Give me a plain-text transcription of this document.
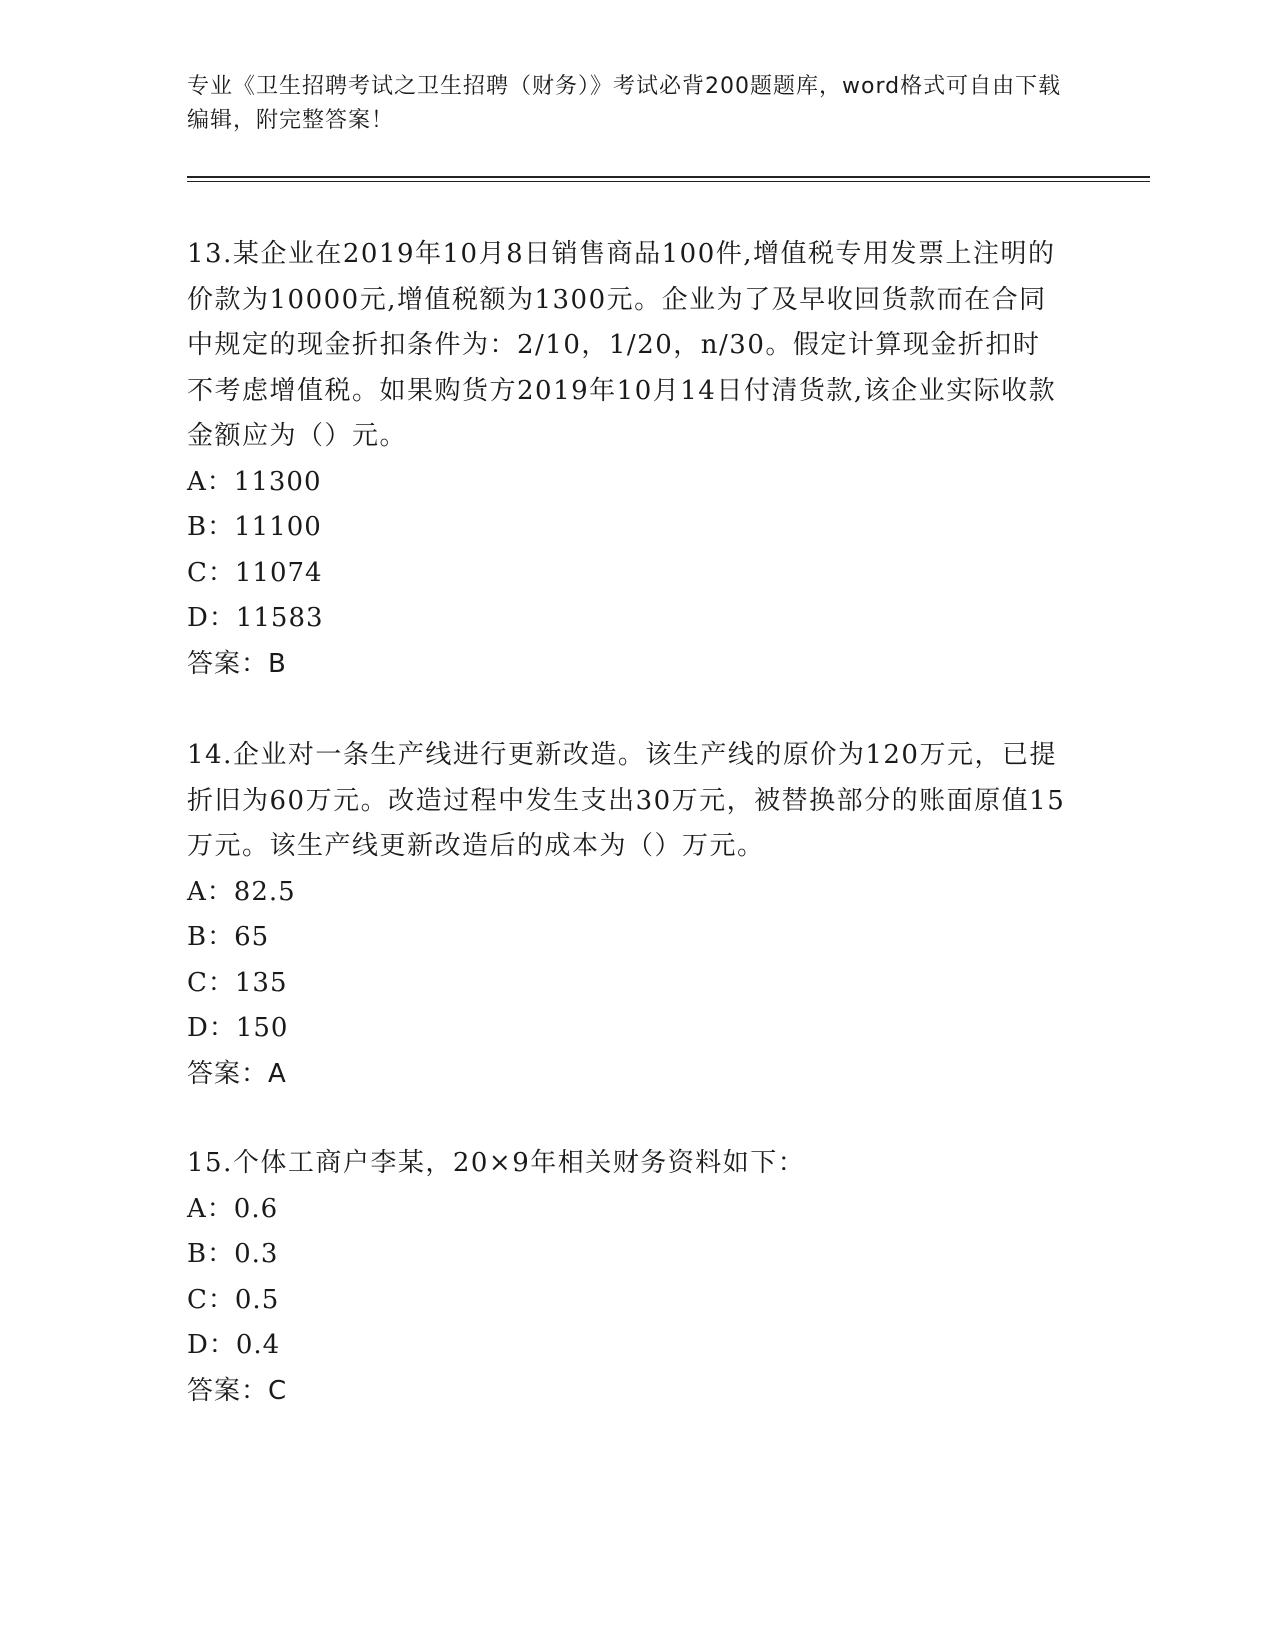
专业《卫生招聘考试之卫生招聘（财务）》考试必背200题题库，word格式可自由下载编辑，附完整答案！

13.某企业在2019年10月8日销售商品100件,增值税专用发票上注明的价款为10000元,增值税额为1300元。企业为了及早收回货款而在合同中规定的现金折扣条件为：2/10，1/20，n/30。假定计算现金折扣时不考虑增值税。如果购货方2019年10月14日付清货款,该企业实际收款金额应为（）元。

A：11300

B：11100

C：11074

D：11583

答案：B

14.企业对一条生产线进行更新改造。该生产线的原价为120万元，已提折旧为60万元。改造过程中发生支出30万元，被替换部分的账面原值15万元。该生产线更新改造后的成本为（）万元。

A：82.5

B：65

C：135

D：150

答案：A

15.个体工商户李某，20×9年相关财务资料如下：

A：0.6

B：0.3

C：0.5

D：0.4

答案：C
